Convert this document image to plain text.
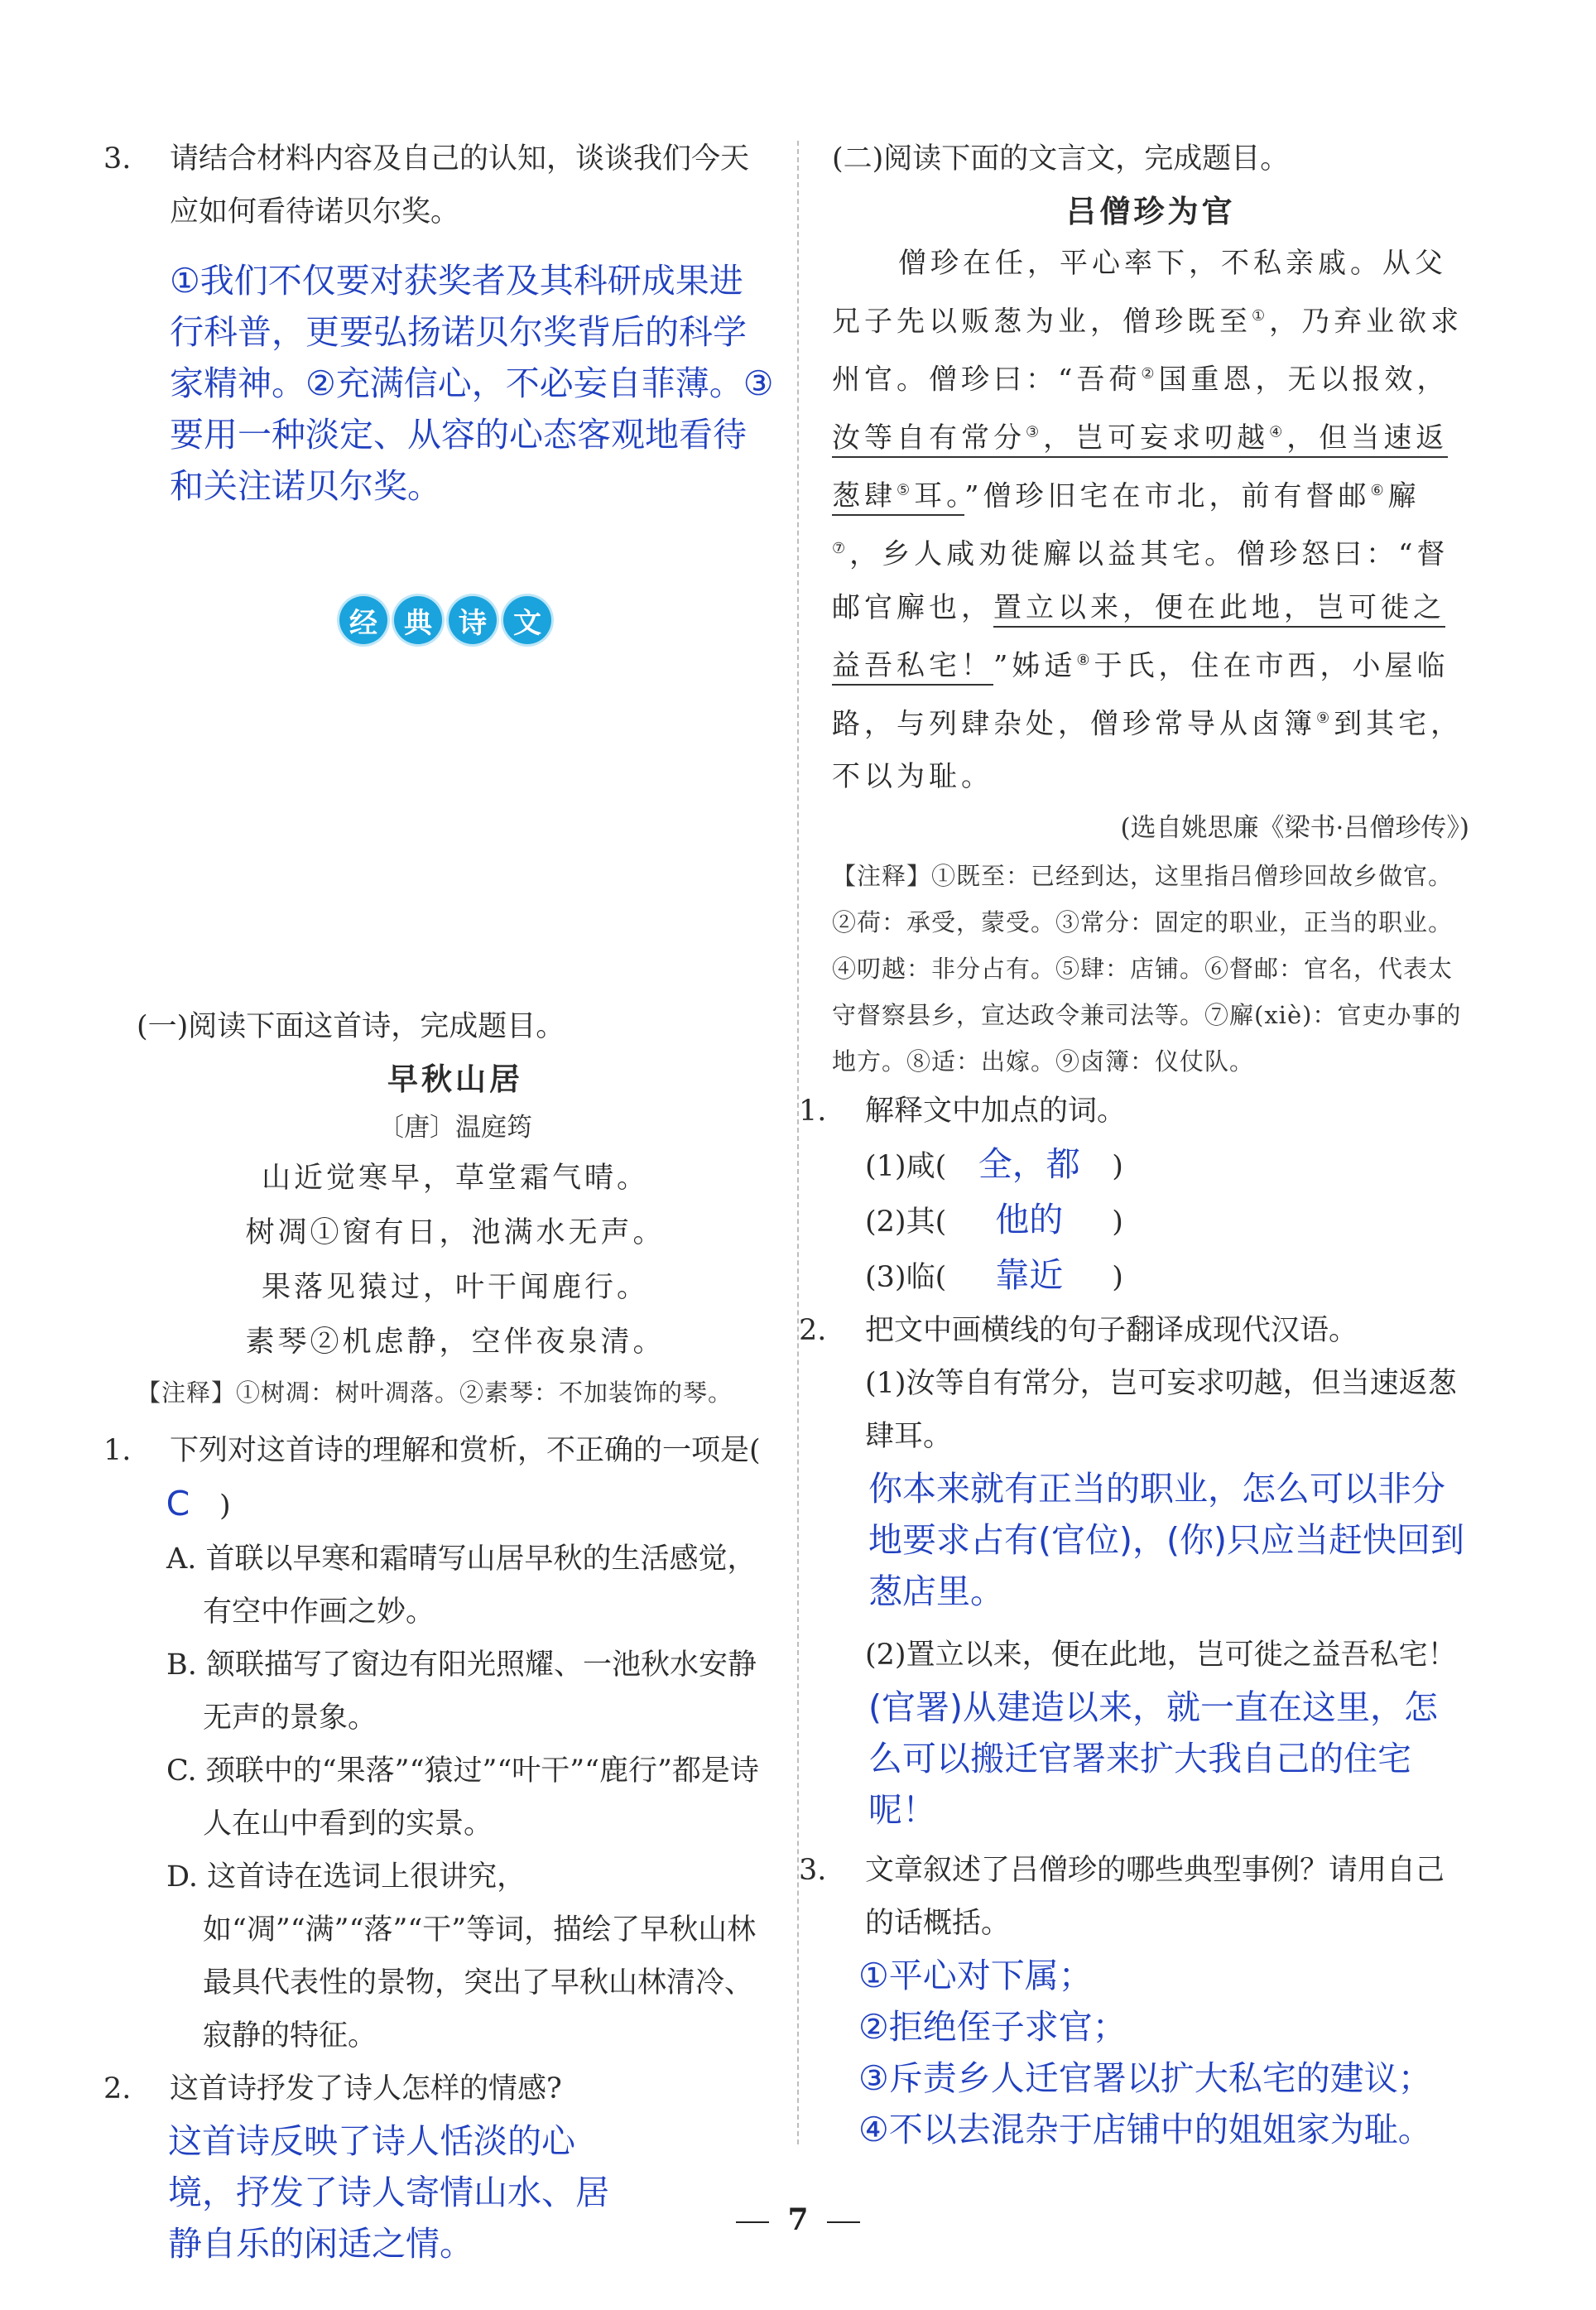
3. 请结合材料内容及自己的认知，谈谈我们今天应如何看待诺贝尔奖。

①我们不仅要对获奖者及其科研成果进行科普，更要弘扬诺贝尔奖背后的科学家精神。②充满信心，不必妄自菲薄。③要用一种淡定、从容的心态客观地看待和关注诺贝尔奖。

(一)阅读下面这首诗，完成题目。

早秋山居

〔唐〕温庭筠

山近觉寒早，草堂霜气晴。

树凋①窗有日，池满水无声。

果落见猿过，叶干闻鹿行。

素琴②机虑静，空伴夜泉清。

【注释】①树凋：树叶凋落。②素琴：不加装饰的琴。

1. 下列对这首诗的理解和赏析，不正确的一项是(C )

A. 首联以早寒和霜晴写山居早秋的生活感觉，有空中作画之妙。

B. 颔联描写了窗边有阳光照耀、一池秋水安静无声的景象。

C. 颈联中的“果落”“猿过”“叶干”“鹿行”都是诗人在山中看到的实景。

D. 这首诗在选词上很讲究，如“凋”“满”“落”“干”等词，描绘了早秋山林最具代表性的景物，突出了早秋山林清冷、寂静的特征。

2. 这首诗抒发了诗人怎样的情感?

这首诗反映了诗人恬淡的心境，抒发了诗人寄情山水、居静自乐的闲适之情。

经 典 诗 文

(二)阅读下面的文言文，完成题目。

吕僧珍为官

僧珍在任，平心率下，不私亲戚。从父兄子先以贩葱为业，僧珍既至①，乃弃业欲求州官。僧珍曰：“吾荷②国重恩，无以报效，汝等自有常分③，岂可妄求叨越④，但当速返葱肆⑤耳。”僧珍旧宅在市北，前有督邮⑥廨⑦，乡人咸劝徙廨以益其宅。僧珍怒曰：“督邮官廨也，置立以来，便在此地，岂可徙之益吾私宅！”姊适⑧于氏，住在市西，小屋临路，与列肆杂处，僧珍常导从卤簿⑨到其宅，不以为耻。

(选自姚思廉《梁书·吕僧珍传》)

【注释】①既至：已经到达，这里指吕僧珍回故乡做官。②荷：承受，蒙受。③常分：固定的职业，正当的职业。④叨越：非分占有。⑤肆：店铺。⑥督邮：官名，代表太守督察县乡，宣达政令兼司法等。⑦廨(xiè)：官吏办事的地方。⑧适：出嫁。⑨卤簿：仪仗队。

1. 解释文中加点的词。

(1)咸( 全，都 )

(2)其( 他的 )

(3)临( 靠近 )

2. 把文中画横线的句子翻译成现代汉语。

(1)汝等自有常分，岂可妄求叨越，但当速返葱肆耳。

你本来就有正当的职业，怎么可以非分地要求占有(官位)，(你)只应当赶快回到葱店里。

(2)置立以来，便在此地，岂可徙之益吾私宅！

(官署)从建造以来，就一直在这里，怎么可以搬迁官署来扩大我自己的住宅呢！

3. 文章叙述了吕僧珍的哪些典型事例？请用自己的话概括。

①平心对下属；

②拒绝侄子求官；

③斥责乡人迁官署以扩大私宅的建议；

④不以去混杂于店铺中的姐姐家为耻。

7
